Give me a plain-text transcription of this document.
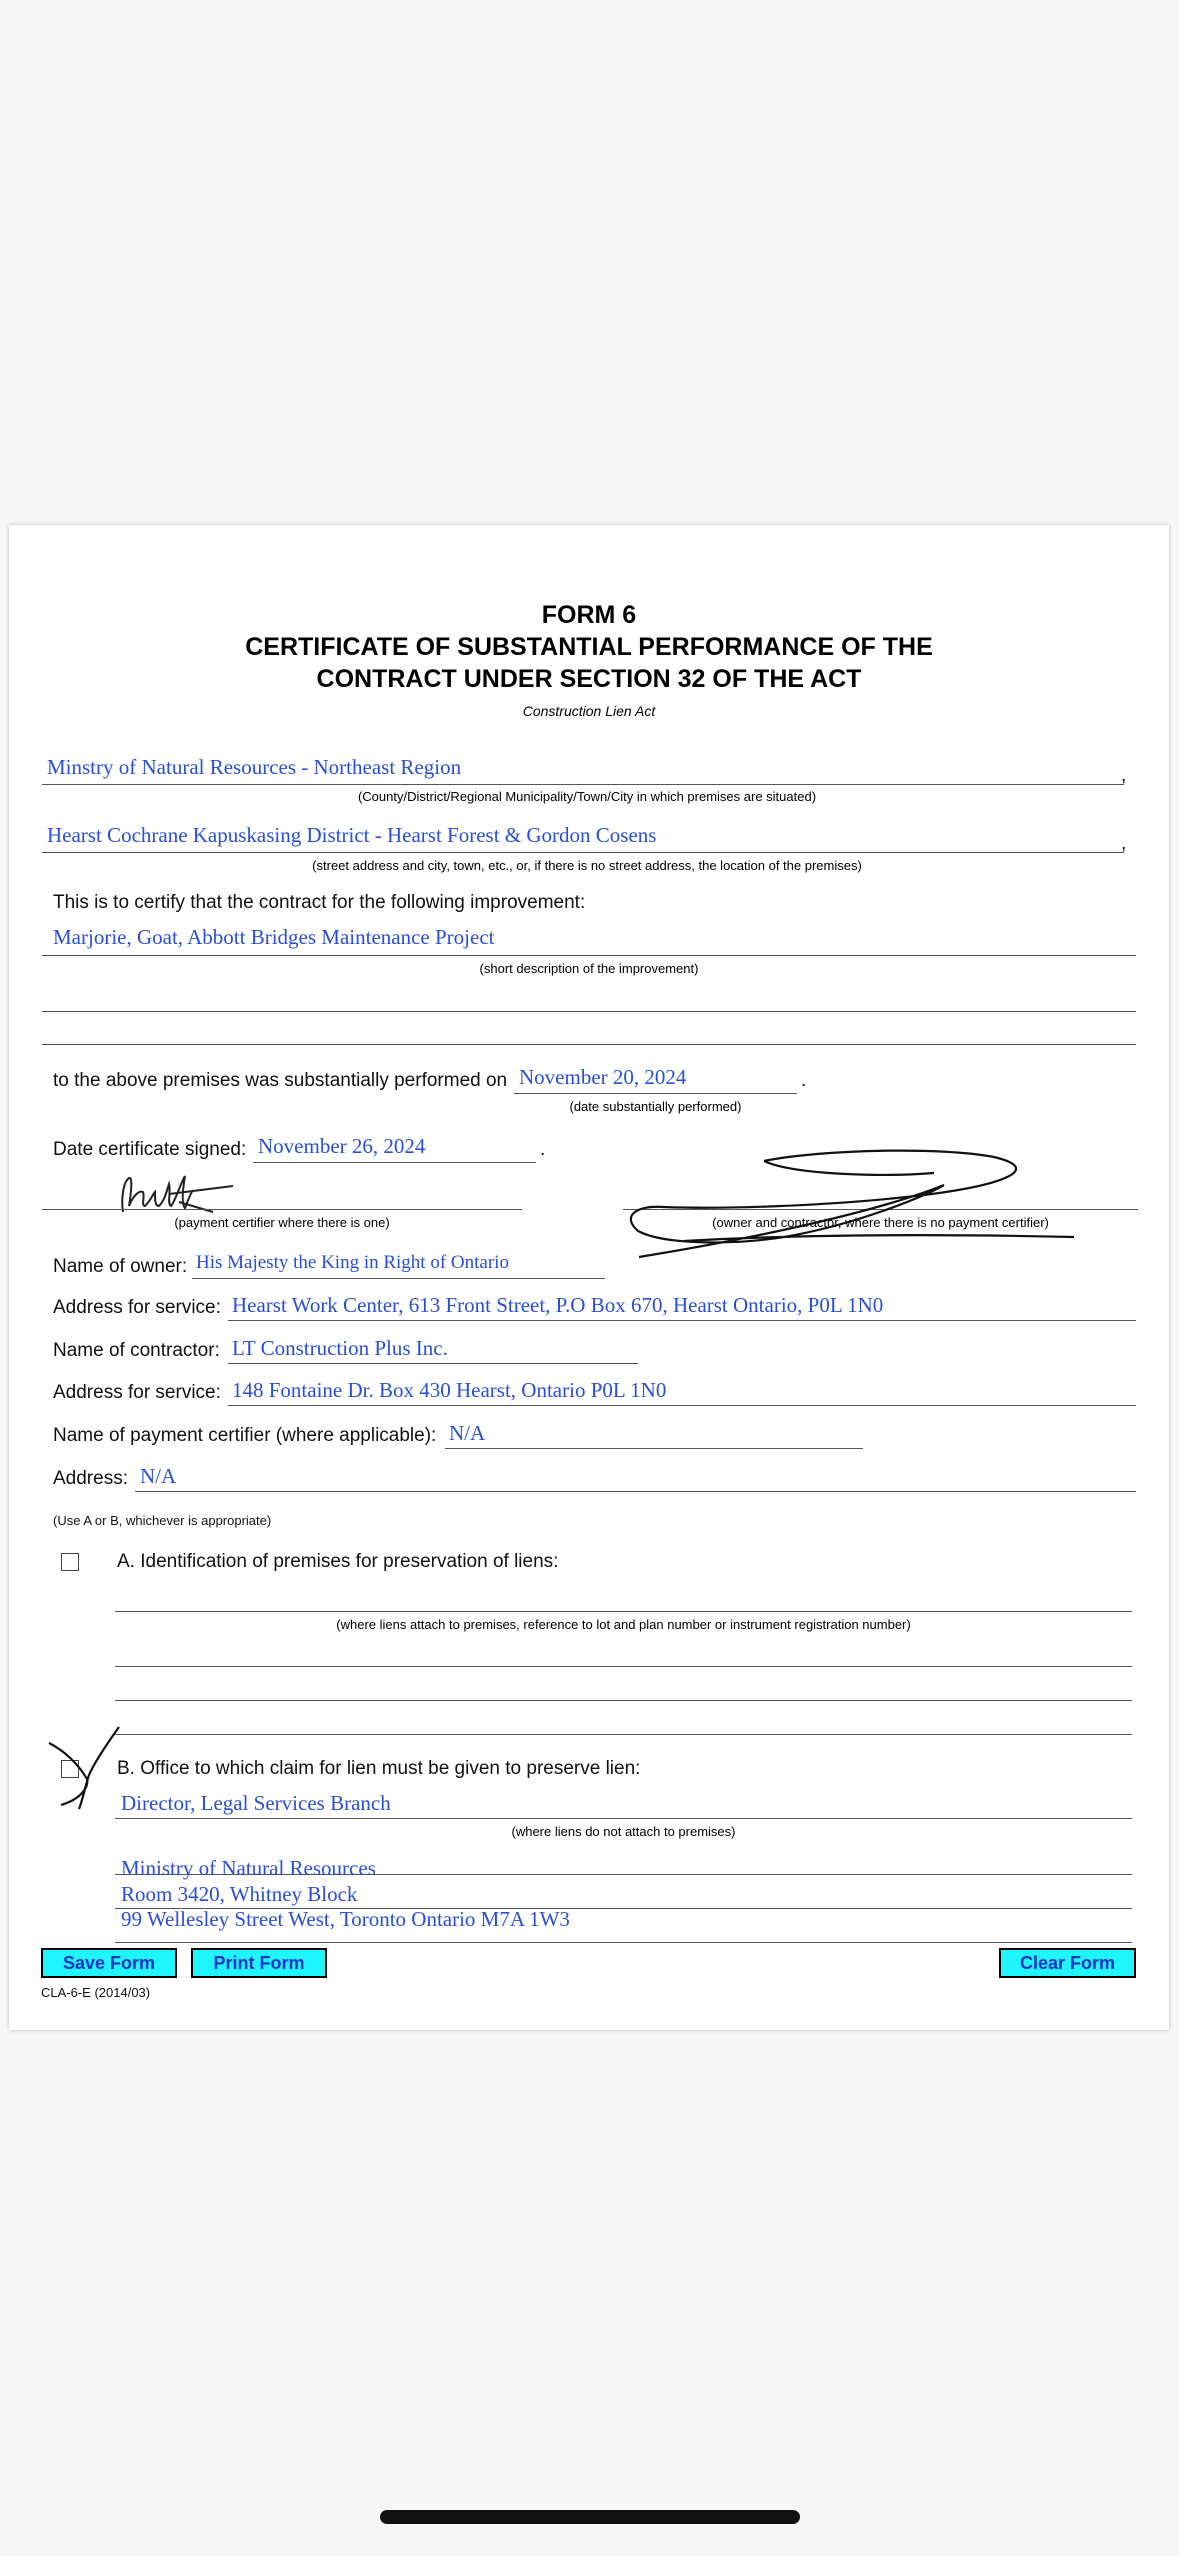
FORM 6
CERTIFICATE OF SUBSTANTIAL PERFORMANCE OF THE
CONTRACT UNDER SECTION 32 OF THE ACT
Construction Lien Act
Minstry of Natural Resources - Northeast Region	,
(County/District/Regional Municipality/Town/City in which premises are situated)
Hearst Cochrane Kapuskasing District - Hearst Forest & Gordon Cosens	,
(street address and city, town, etc., or, if there is no street address, the location of the premises)
This is to certify that the contract for the following improvement:
Marjorie, Goat, Abbott Bridges Maintenance Project
(short description of the improvement)
to the above premises was substantially performed on November 20, 2024	.
(date substantially performed)
Date certificate signed: November 26, 2024	.
(payment certifier where there is one)	(owner and contractor, where there is no payment certifier)
Name of owner: His Majesty the King in Right of Ontario
Address for service: Hearst Work Center, 613 Front Street, P.O Box 670, Hearst Ontario, P0L 1N0
Name of contractor: LT Construction Plus Inc.
Address for service: 148 Fontaine Dr. Box 430 Hearst, Ontario P0L 1N0
Name of payment certifier (where applicable): N/A
Address: N/A
(Use A or B, whichever is appropriate)
A. Identification of premises for preservation of liens:
(where liens attach to premises, reference to lot and plan number or instrument registration number)
B. Office to which claim for lien must be given to preserve lien:
Director, Legal Services Branch
(where liens do not attach to premises)
Ministry of Natural Resources
Room 3420, Whitney Block
99 Wellesley Street West, Toronto Ontario M7A 1W3
Save Form	Print Form	Clear Form
CLA-6-E (2014/03)
